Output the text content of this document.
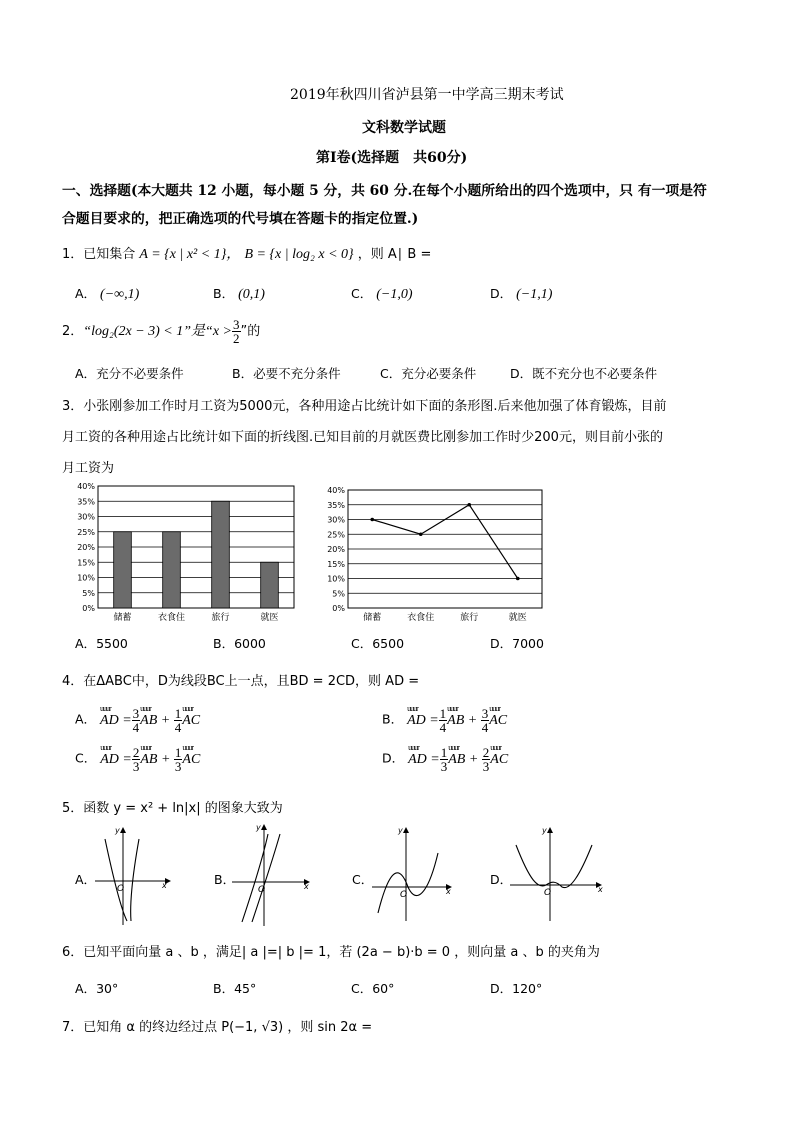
2019年秋四川省泸县第一中学高三期末考试
文科数学试题
第Ⅰ卷(选择题　共60分)
一、选择题(本大题共 12 小题，每小题 5 分，共 60 分.在每个小题所给出的四个选项中，只 有一项是符
合题目要求的，把正确选项的代号填在答题卡的指定位置.)
1．已知集合 A = {x | x² < 1}， B = {x | log₂ x < 0} ，则 A∣ B =
A． (−∞,1)	B． (0,1)	C． (−1,0)	D． (−1,1)
2．“log₂(2x − 3) < 1”是“$x > \frac{3}{2}$ ”的
A．充分不必要条件	B．必要不充分条件	C．充分必要条件	D．既不充分也不必要条件
3．小张刚参加工作时月工资为5000元，各种用途占比统计如下面的条形图.后来他加强了体育锻炼，目前
月工资的各种用途占比统计如下面的折线图.已知目前的月就医费比刚参加工作时少200元，则目前小张的
月工资为
0%
5%
10%
15%
20%
25%
30%
35%
40%
储蓄	衣食住	旅行	就医
0%
5%
10%
15%
20%
25%
30%
35%
40%
储蓄	衣食住	旅行	就医
A．5500	B．6000	C．6500	D．7000
4．在ΔABC中，D为线段BC上一点，且BD = 2CD，则 AD =
A． uuur AD = $\frac{3}{4}$ uuur AB + $\frac{1}{4}$ uuur AC	B． uuur AD = $\frac{1}{4}$ uuur AB + $\frac{3}{4}$ uuur AC
C． uuur AD = $\frac{2}{3}$ uuur AB + $\frac{1}{3}$ uuur AC	D． uuur AD = $\frac{1}{3}$ uuur AB + $\frac{2}{3}$ uuur AC
5．函数 y = x² + ln|x| 的图象大致为
A．	x
y
O
B．	x
y
O
C．
x
y
O
D．
x
y
O
6．已知平面向量 a 、b ，满足| a |=| b |= 1，若 (2a − b)·b = 0 ，则向量 a 、b 的夹角为
A．30°	B．45°	C．60°	D．120°
7．已知角 α 的终边经过点 P(−1, √3) ，则 sin 2α =
